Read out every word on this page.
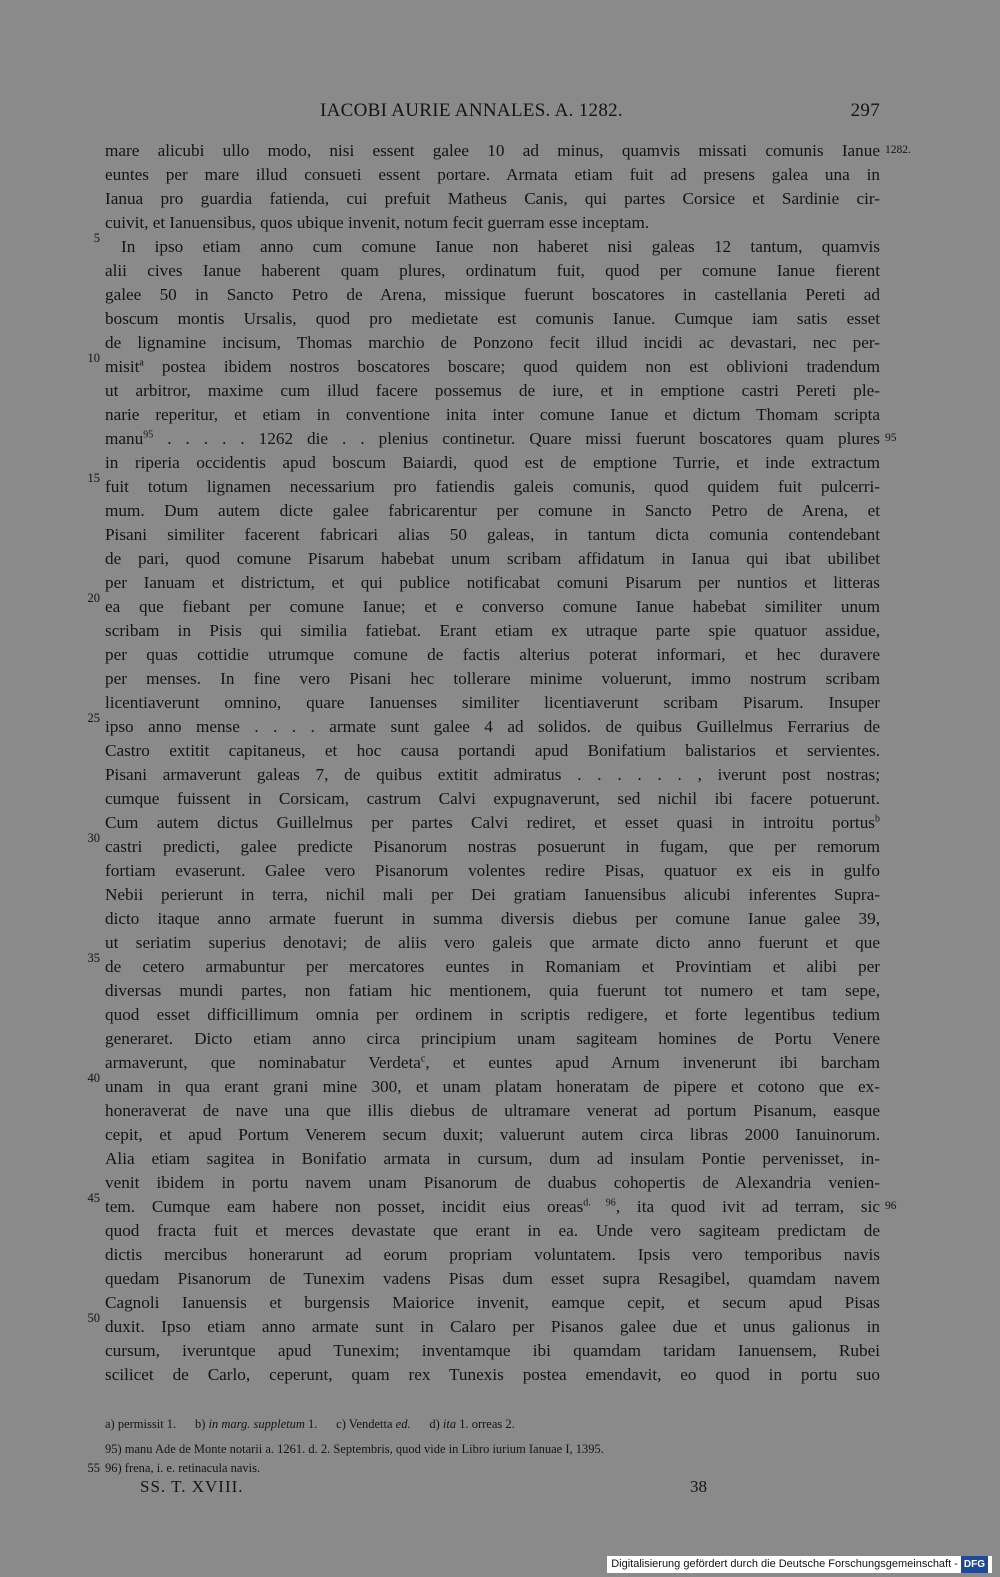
IACOBI AURIE ANNALES. A. 1282.	297
mare alicubi ullo modo, nisi essent galee 10 ad minus, quamvis missati comunis Ianue 1282.
euntes per mare illud consueti essent portare. Armata etiam fuit ad presens galea una in
Ianua pro guardia fatienda, cui prefuit Matheus Canis, qui partes Corsice et Sardinie cir-
cuivit, et Ianuensibus, quos ubique invenit, notum fecit guerram esse inceptam.
In ipso etiam anno cum comune Ianue non haberet nisi galeas 12 tantum, quamvis
5
alii cives Ianue haberent quam plures, ordinatum fuit, quod per comune Ianue fierent
galee 50 in Sancto Petro de Arena, missique fuerunt boscatores in castellania Pereti ad
boscum montis Ursalis, quod pro medietate est comunis Ianue. Cumque iam satis esset
de lignamine incisum, Thomas marchio de Ponzono fecit illud incidi ac devastari, nec per-
misit$^a$ postea ibidem nostros boscatores boscare; quod quidem non est oblivioni tradendum
10
ut arbitror, maxime cum illud facere possemus de iure, et in emptione castri Pereti ple-
narie reperitur, et etiam in conventione inita inter comune Ianue et dictum Thomam scripta
manu$^{95}$ . . . . . 1262 die . . plenius continetur. Quare missi fuerunt boscatores quam plures 95
in riperia occidentis apud boscum Baiardi, quod est de emptione Turrie, et inde extractum
fuit totum lignamen necessarium pro fatiendis galeis comunis, quod quidem fuit pulcerri-
15
mum. Dum autem dicte galee fabricarentur per comune in Sancto Petro de Arena, et
Pisani similiter facerent fabricari alias 50 galeas, in tantum dicta comunia contendebant
de pari, quod comune Pisarum habebat unum scribam affidatum in Ianua qui ibat ubilibet
per Ianuam et districtum, et qui publice notificabat comuni Pisarum per nuntios et litteras
ea que fiebant per comune Ianue; et e converso comune Ianue habebat similiter unum
20
scribam in Pisis qui similia fatiebat. Erant etiam ex utraque parte spie quatuor assidue,
per quas cottidie utrumque comune de factis alterius poterat informari, et hec duravere
per menses. In fine vero Pisani hec tollerare minime voluerunt, immo nostrum scribam
licentiaverunt omnino, quare Ianuenses similiter licentiaverunt scribam Pisarum. Insuper
ipso anno mense . . . . armate sunt galee 4 ad solidos. de quibus Guillelmus Ferrarius de
25
Castro extitit capitaneus, et hoc causa portandi apud Bonifatium balistarios et servientes.
Pisani armaverunt galeas 7, de quibus extitit admiratus . . . . . . , iverunt post nostras;
cumque fuissent in Corsicam, castrum Calvi expugnaverunt, sed nichil ibi facere potuerunt.
Cum autem dictus Guillelmus per partes Calvi rediret, et esset quasi in introitu portus$^b$
castri predicti, galee predicte Pisanorum nostras posuerunt in fugam, que per remorum
30
fortiam evaserunt. Galee vero Pisanorum volentes redire Pisas, quatuor ex eis in gulfo
Nebii perierunt in terra, nichil mali per Dei gratiam Ianuensibus alicubi inferentes Supra-
dicto itaque anno armate fuerunt in summa diversis diebus per comune Ianue galee 39,
ut seriatim superius denotavi; de aliis vero galeis que armate dicto anno fuerunt et que
de cetero armabuntur per mercatores euntes in Romaniam et Provintiam et alibi per
35
diversas mundi partes, non fatiam hic mentionem, quia fuerunt tot numero et tam sepe,
quod esset difficillimum omnia per ordinem in scriptis redigere, et forte legentibus tedium
generaret. Dicto etiam anno circa principium unam sagiteam homines de Portu Venere
armaverunt, que nominabatur Verdeta$^c$, et euntes apud Arnum invenerunt ibi barcham
unam in qua erant grani mine 300, et unam platam honeratam de pipere et cotono que ex-
40
honeraverat de nave una que illis diebus de ultramare venerat ad portum Pisanum, easque
cepit, et apud Portum Venerem secum duxit; valuerunt autem circa libras 2000 Ianuinorum.
Alia etiam sagitea in Bonifatio armata in cursum, dum ad insulam Pontie pervenisset, in-
venit ibidem in portu navem unam Pisanorum de duabus cohopertis de Alexandria venien-
tem. Cumque eam habere non posset, incidit eius oreas$^{d. 96}$, ita quod ivit ad terram, sic
45
96
quod fracta fuit et merces devastate que erant in ea. Unde vero sagiteam predictam de
dictis mercibus honerarunt ad eorum propriam voluntatem. Ipsis vero temporibus navis
quedam Pisanorum de Tunexim vadens Pisas dum esset supra Resagibel, quamdam navem
Cagnoli Ianuensis et burgensis Maiorice invenit, eamque cepit, et secum apud Pisas
duxit. Ipso etiam anno armate sunt in Calaro per Pisanos galee due et unus galionus in
50
cursum, iveruntque apud Tunexim; inventamque ibi quamdam taridam Ianuensem, Rubei
scilicet de Carlo, ceperunt, quam rex Tunexis postea emendavit, eo quod in portu suo
a) permissit 1. b) in marg. suppletum 1. c) Vendetta ed. d) ita 1. orreas 2.
95) manu Ade de Monte notarii a. 1261. d. 2. Septembris, quod vide in Libro iurium Ianuae I, 1395.
55 96) frena, i. e. retinacula navis.
SS. T. XVIII.	38
Digitalisierung gefördert durch die Deutsche Forschungsgemeinschaft - DFG
